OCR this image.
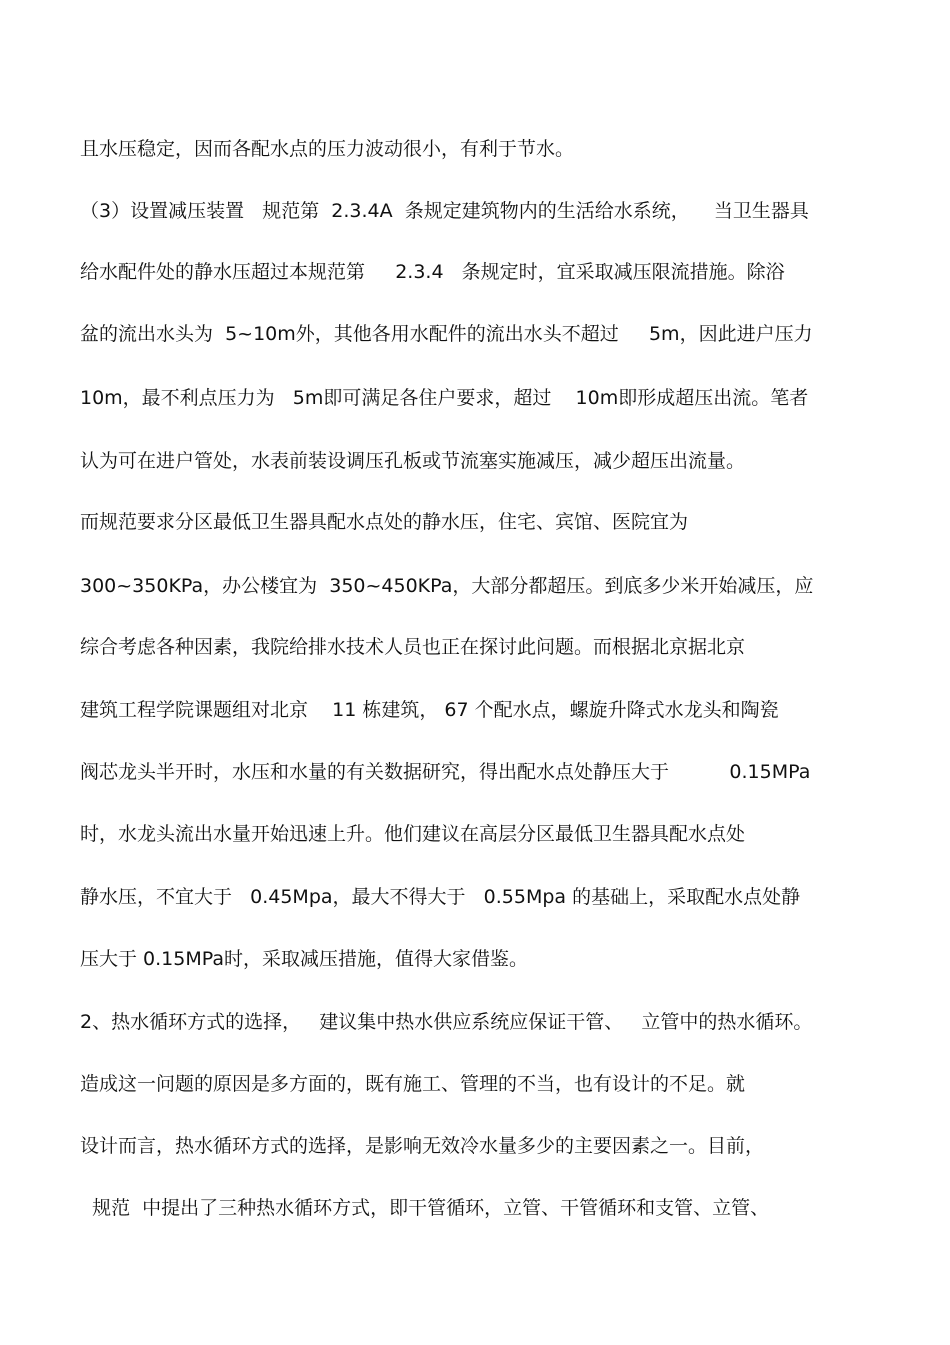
且水压稳定，因而各配水点的压力波动很小，有利于节水。
（3）设置减压装置   规范第  2.3.4A  条规定建筑物内的生活给水系统，    当卫生器具
给水配件处的静水压超过本规范第     2.3.4   条规定时，宜采取减压限流措施。除浴
盆的流出水头为  5~10m外，其他各用水配件的流出水头不超过     5m，因此进户压力
10m，最不利点压力为   5m即可满足各住户要求，超过    10m即形成超压出流。笔者
认为可在进户管处，水表前装设调压孔板或节流塞实施减压，减少超压出流量。
而规范要求分区最低卫生器具配水点处的静水压，住宅、宾馆、医院宜为
300~350KPa，办公楼宜为  350~450KPa，大部分都超压。到底多少米开始减压，应
综合考虑各种因素，我院给排水技术人员也正在探讨此问题。而根据北京据北京
建筑工程学院课题组对北京    11 栋建筑， 67 个配水点，螺旋升降式水龙头和陶瓷
阀芯龙头半开时，水压和水量的有关数据研究，得出配水点处静压大于          0.15MPa
时，水龙头流出水量开始迅速上升。他们建议在高层分区最低卫生器具配水点处
静水压，不宜大于   0.45Mpa，最大不得大于   0.55Mpa 的基础上，采取配水点处静
压大于 0.15MPa时，采取减压措施，值得大家借鉴。
2、热水循环方式的选择，   建议集中热水供应系统应保证干管、   立管中的热水循环。
造成这一问题的原因是多方面的，既有施工、管理的不当，也有设计的不足。就
设计而言，热水循环方式的选择，是影响无效冷水量多少的主要因素之一。目前，
规范  中提出了三种热水循环方式，即干管循环，立管、干管循环和支管、立管、
